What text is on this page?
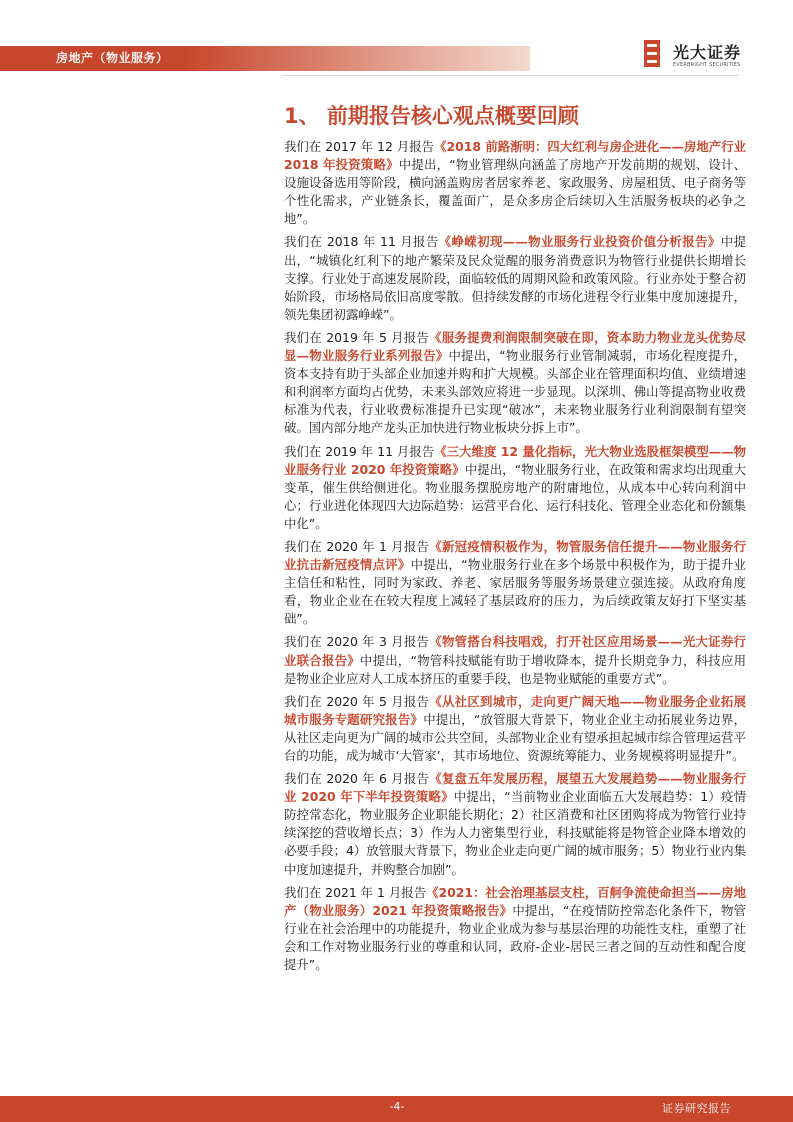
房地产（物业服务）	光大证券
EVERBRIGHT SECURITIES
1、 前期报告核心观点概要回顾

我们在 2017 年 12 月报告《2018 前路渐明：四大红利与房企进化——房地产行业 2018 年投资策略》中提出，“物业管理纵向涵盖了房地产开发前期的规划、设计、设施设备选用等阶段，横向涵盖购房者居家养老、家政服务、房屋租赁、电子商务等个性化需求，产业链条长，覆盖面广，是众多房企后续切入生活服务板块的必争之地”。

我们在 2018 年 11 月报告《峥嵘初现——物业服务行业投资价值分析报告》中提出，“城镇化红利下的地产繁荣及民众觉醒的服务消费意识为物管行业提供长期增长支撑。行业处于高速发展阶段，面临较低的周期风险和政策风险。行业亦处于整合初始阶段，市场格局依旧高度零散。但持续发酵的市场化进程令行业集中度加速提升，领先集团初露峥嵘”。

我们在 2019 年 5 月报告《服务提费利润限制突破在即，资本助力物业龙头优势尽显—物业服务行业系列报告》中提出，“物业服务行业管制减弱，市场化程度提升，资本支持有助于头部企业加速并购和扩大规模。头部企业在管理面积均值、业绩增速和利润率方面均占优势，未来头部效应将进一步显现。以深圳、佛山等提高物业收费标准为代表，行业收费标准提升已实现“破冰”，未来物业服务行业利润限制有望突破。国内部分地产龙头正加快进行物业板块分拆上市”。

我们在 2019 年 11 月报告《三大维度 12 量化指标，光大物业选股框架模型——物业服务行业 2020 年投资策略》中提出，“物业服务行业，在政策和需求均出现重大变革，催生供给侧进化。物业服务摆脱房地产的附庸地位，从成本中心转向利润中心；行业进化体现四大边际趋势：运营平台化、运行科技化、管理全业态化和份额集中化”。

我们在 2020 年 1 月报告《新冠疫情积极作为，物管服务信任提升——物业服务行业抗击新冠疫情点评》中提出，“物业服务行业在多个场景中积极作为，助于提升业主信任和粘性，同时为家政、养老、家居服务等服务场景建立强连接。从政府角度看，物业企业在在较大程度上减轻了基层政府的压力，为后续政策友好打下坚实基础”。

我们在 2020 年 3 月报告《物管搭台科技唱戏，打开社区应用场景——光大证券行业联合报告》中提出，“物管科技赋能有助于增收降本，提升长期竞争力，科技应用是物业企业应对人工成本挤压的重要手段，也是物业赋能的重要方式”。

我们在 2020 年 5 月报告《从社区到城市，走向更广阔天地——物业服务企业拓展城市服务专题研究报告》中提出，“放管服大背景下，物业企业主动拓展业务边界，从社区走向更为广阔的城市公共空间，头部物业企业有望承担起城市综合管理运营平台的功能，成为城市‘大管家’，其市场地位、资源统筹能力、业务规模将明显提升”。

我们在 2020 年 6 月报告《复盘五年发展历程，展望五大发展趋势——物业服务行业 2020 年下半年投资策略》中提出，“当前物业企业面临五大发展趋势：1）疫情防控常态化，物业服务企业职能长期化；2）社区消费和社区团购将成为物管行业持续深挖的营收增长点；3）作为人力密集型行业，科技赋能将是物管企业降本增效的必要手段；4）放管服大背景下，物业企业走向更广阔的城市服务；5）物业行业内集中度加速提升，并购整合加剧”。

我们在 2021 年 1 月报告《2021：社会治理基层支柱，百舸争流使命担当——房地产（物业服务）2021 年投资策略报告》中提出，“在疫情防控常态化条件下，物管行业在社会治理中的功能提升，物业企业成为参与基层治理的功能性支柱，重塑了社会和工作对物业服务行业的尊重和认同，政府-企业-居民三者之间的互动性和配合度提升”。

-4-	证券研究报告
